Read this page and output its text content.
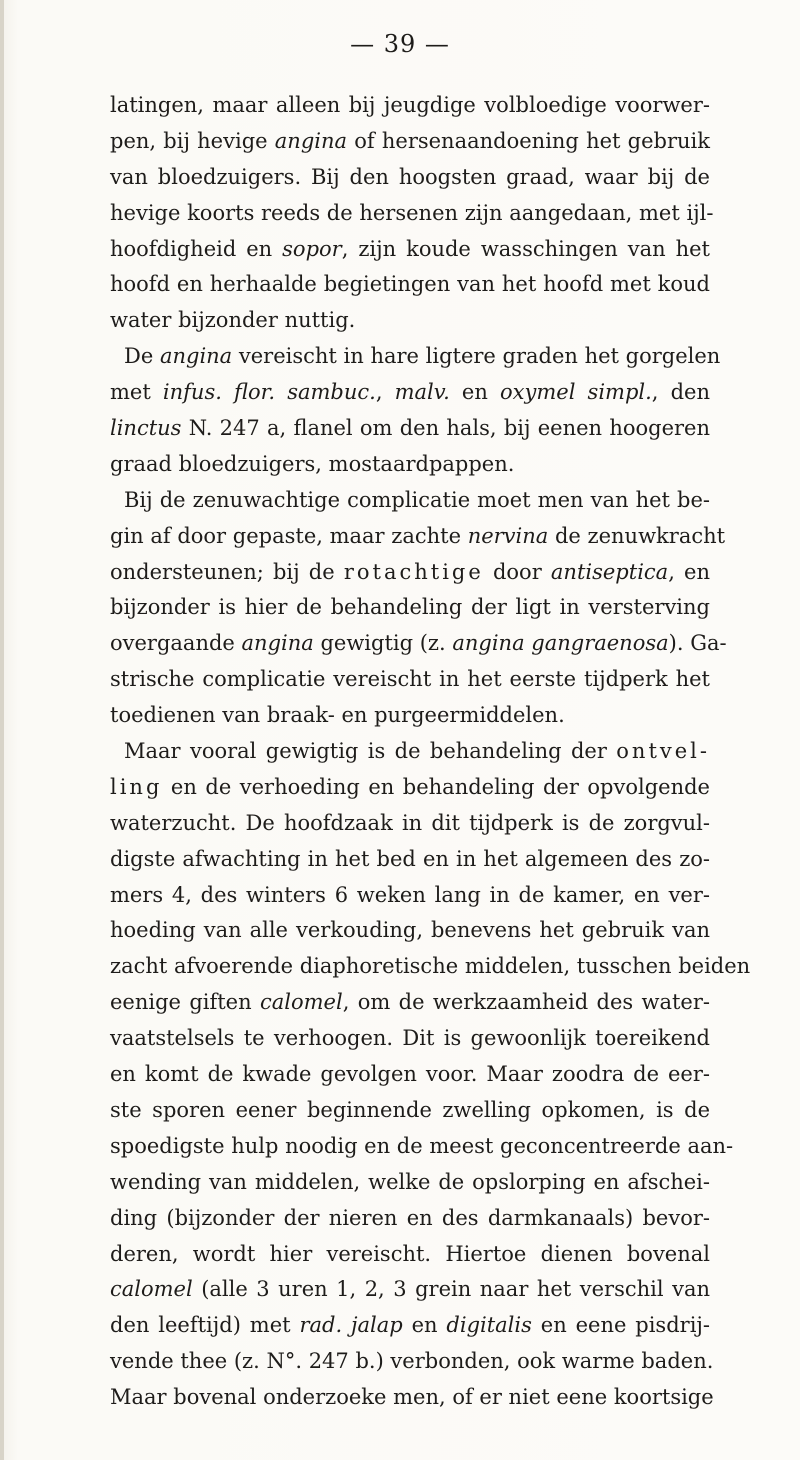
— 39 —
latingen, maar alleen bij jeugdige volbloedige voorwer-
pen, bij hevige angina of hersenaandoening het gebruik
van bloedzuigers. Bij den hoogsten graad, waar bij de
hevige koorts reeds de hersenen zijn aangedaan, met ijl-
hoofdigheid en sopor, zijn koude wasschingen van het
hoofd en herhaalde begietingen van het hoofd met koud
water bijzonder nuttig.
De angina vereischt in hare ligtere graden het gorgelen
met infus. flor. sambuc., malv. en oxymel simpl., den
linctus N. 247 a, flanel om den hals, bij eenen hoogeren
graad bloedzuigers, mostaardpappen.
Bij de zenuwachtige complicatie moet men van het be-
gin af door gepaste, maar zachte nervina de zenuwkracht
ondersteunen; bij de rotachtige door antiseptica, en
bijzonder is hier de behandeling der ligt in versterving
overgaande angina gewigtig (z. angina gangraenosa). Ga-
strische complicatie vereischt in het eerste tijdperk het
toedienen van braak- en purgeermiddelen.
Maar vooral gewigtig is de behandeling der ontvel-
ling en de verhoeding en behandeling der opvolgende
waterzucht. De hoofdzaak in dit tijdperk is de zorgvul-
digste afwachting in het bed en in het algemeen des zo-
mers 4, des winters 6 weken lang in de kamer, en ver-
hoeding van alle verkouding, benevens het gebruik van
zacht afvoerende diaphoretische middelen, tusschen beiden
eenige giften calomel, om de werkzaamheid des water-
vaatstelsels te verhoogen. Dit is gewoonlijk toereikend
en komt de kwade gevolgen voor. Maar zoodra de eer-
ste sporen eener beginnende zwelling opkomen, is de
spoedigste hulp noodig en de meest geconcentreerde aan-
wending van middelen, welke de opslorping en afschei-
ding (bijzonder der nieren en des darmkanaals) bevor-
deren, wordt hier vereischt. Hiertoe dienen bovenal
calomel (alle 3 uren 1, 2, 3 grein naar het verschil van
den leeftijd) met rad. jalap en digitalis en eene pisdrij-
vende thee (z. N°. 247 b.) verbonden, ook warme baden.
Maar bovenal onderzoeke men, of er niet eene koortsige
